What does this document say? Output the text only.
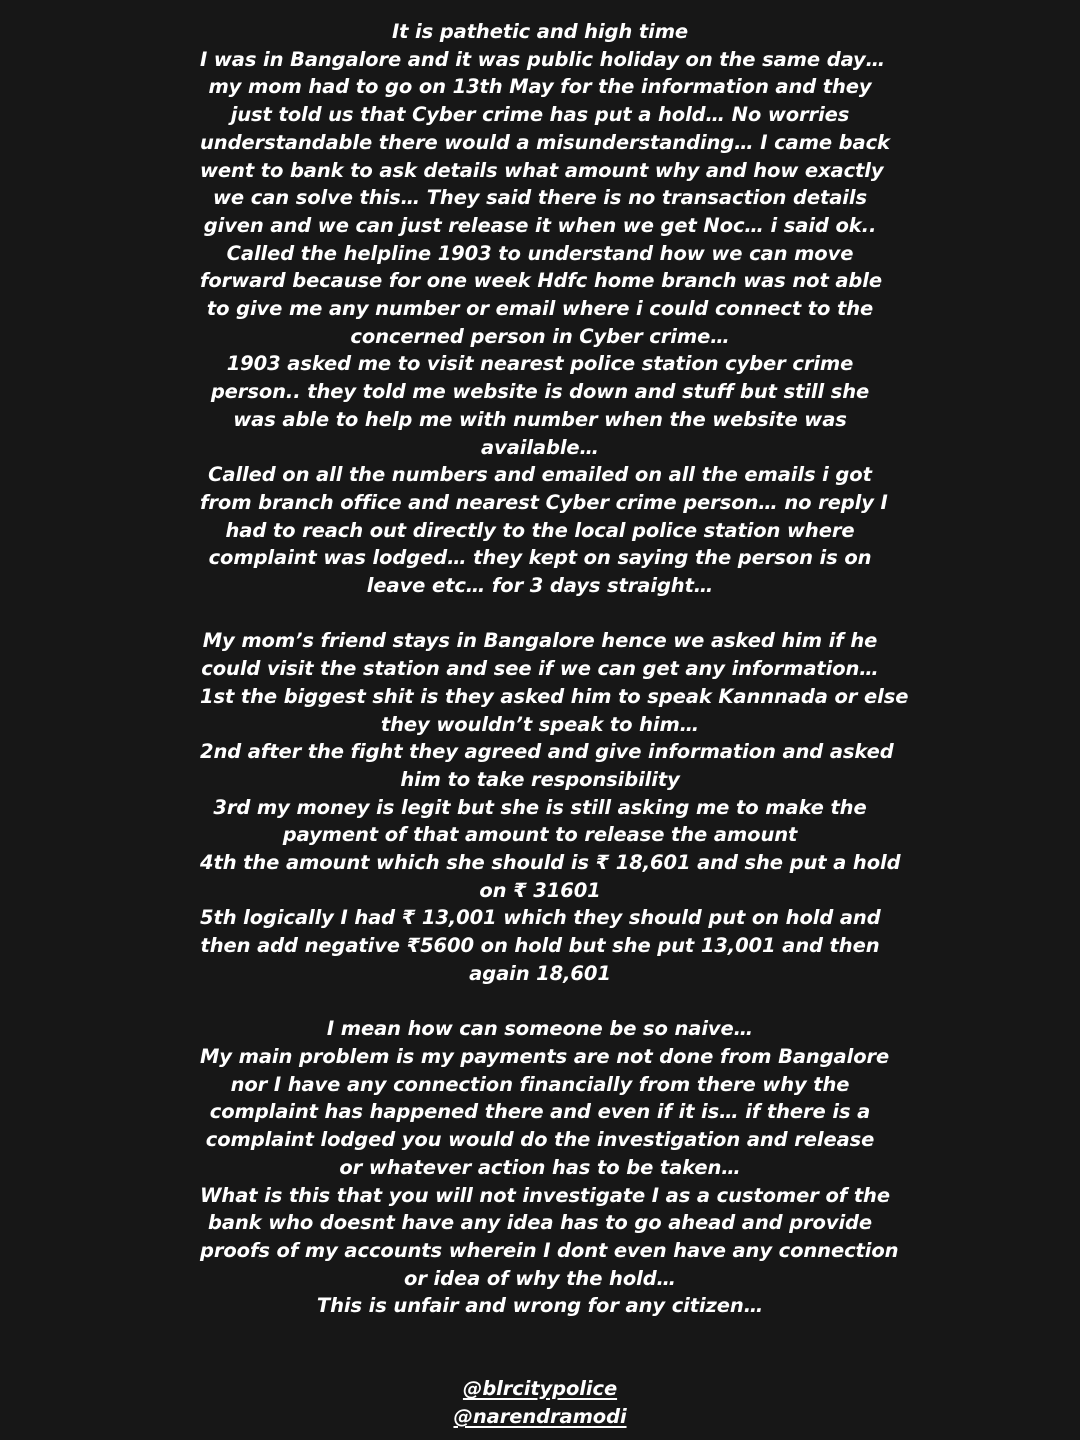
It is pathetic and high time
I was in Bangalore and it was public holiday on the same day…
my mom had to go on 13th May for the information and they
just told us that Cyber crime has put a hold… No worries
understandable there would a misunderstanding… I came back
went to bank to ask details what amount why and how exactly
we can solve this… They said there is no transaction details
given and we can just release it when we get Noc… i said ok..
Called the helpline 1903 to understand how we can move
forward because for one week Hdfc home branch was not able
to give me any number or email where i could connect to the
concerned person in Cyber crime…
1903 asked me to visit nearest police station cyber crime
person.. they told me website is down and stuff but still she
was able to help me with number when the website was
available…
Called on all the numbers and emailed on all the emails i got
from branch office and nearest Cyber crime person… no reply I
had to reach out directly to the local police station where
complaint was lodged… they kept on saying the person is on
leave etc… for 3 days straight…
My mom’s friend stays in Bangalore hence we asked him if he
could visit the station and see if we can get any information…
1st the biggest shit is they asked him to speak Kannnada or else
they wouldn’t speak to him…
2nd after the fight they agreed and give information and asked
him to take responsibility
3rd my money is legit but she is still asking me to make the
payment of that amount to release the amount
4th the amount which she should is ₹ 18,601 and she put a hold
on ₹ 31601
5th logically I had ₹ 13,001 which they should put on hold and
then add negative ₹5600 on hold but she put 13,001 and then
again 18,601
I mean how can someone be so naive…
My main problem is my payments are not done from Bangalore
nor I have any connection financially from there why the
complaint has happened there and even if it is… if there is a
complaint lodged you would do the investigation and release
or whatever action has to be taken…
What is this that you will not investigate I as a customer of the
bank who doesnt have any idea has to go ahead and provide
proofs of my accounts wherein I dont even have any connection
or idea of why the hold…
This is unfair and wrong for any citizen…
@blrcitypolice
@narendramodi
